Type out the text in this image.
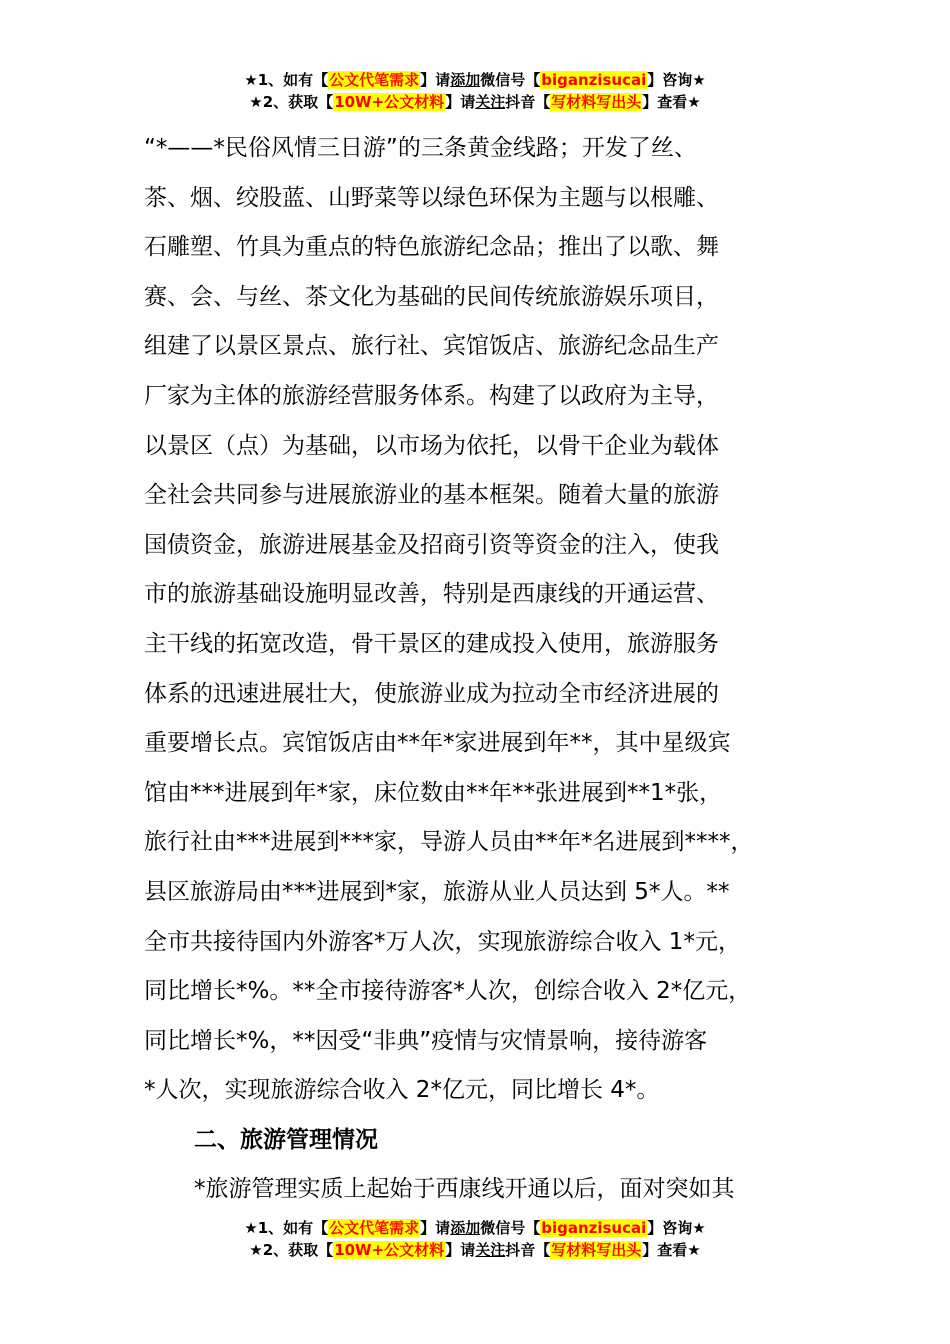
★1、如有【公文代笔需求】请添加微信号【biganzisucai】咨询★
★2、获取【10W+公文材料】请关注抖音【写材料写出头】查看★
“*——*民俗风情三日游”的三条黄金线路；开发了丝、
茶、烟、绞股蓝、山野菜等以绿色环保为主题与以根雕、
石雕塑、竹具为重点的特色旅游纪念品；推出了以歌、舞
赛、会、与丝、茶文化为基础的民间传统旅游娱乐项目，
组建了以景区景点、旅行社、宾馆饭店、旅游纪念品生产
厂家为主体的旅游经营服务体系。构建了以政府为主导，
以景区（点）为基础，以市场为依托，以骨干企业为载体
全社会共同参与进展旅游业的基本框架。随着大量的旅游
国债资金，旅游进展基金及招商引资等资金的注入，使我
市的旅游基础设施明显改善，特别是西康线的开通运营、
主干线的拓宽改造，骨干景区的建成投入使用，旅游服务
体系的迅速进展壮大，使旅游业成为拉动全市经济进展的
重要增长点。宾馆饭店由**年*家进展到年**，其中星级宾
馆由***进展到年*家，床位数由**年**张进展到**1*张，
旅行社由***进展到***家，导游人员由**年*名进展到****，
县区旅游局由***进展到*家，旅游从业人员达到 5*人。**
全市共接待国内外游客*万人次，实现旅游综合收入 1*元，
同比增长*%。**全市接待游客*人次，创综合收入 2*亿元，
同比增长*%，**因受“非典”疫情与灾情景响，接待游客
*人次，实现旅游综合收入 2*亿元，同比增长 4*。
二、旅游管理情况
*旅游管理实质上起始于西康线开通以后，面对突如其
★1、如有【公文代笔需求】请添加微信号【biganzisucai】咨询★
★2、获取【10W+公文材料】请关注抖音【写材料写出头】查看★
